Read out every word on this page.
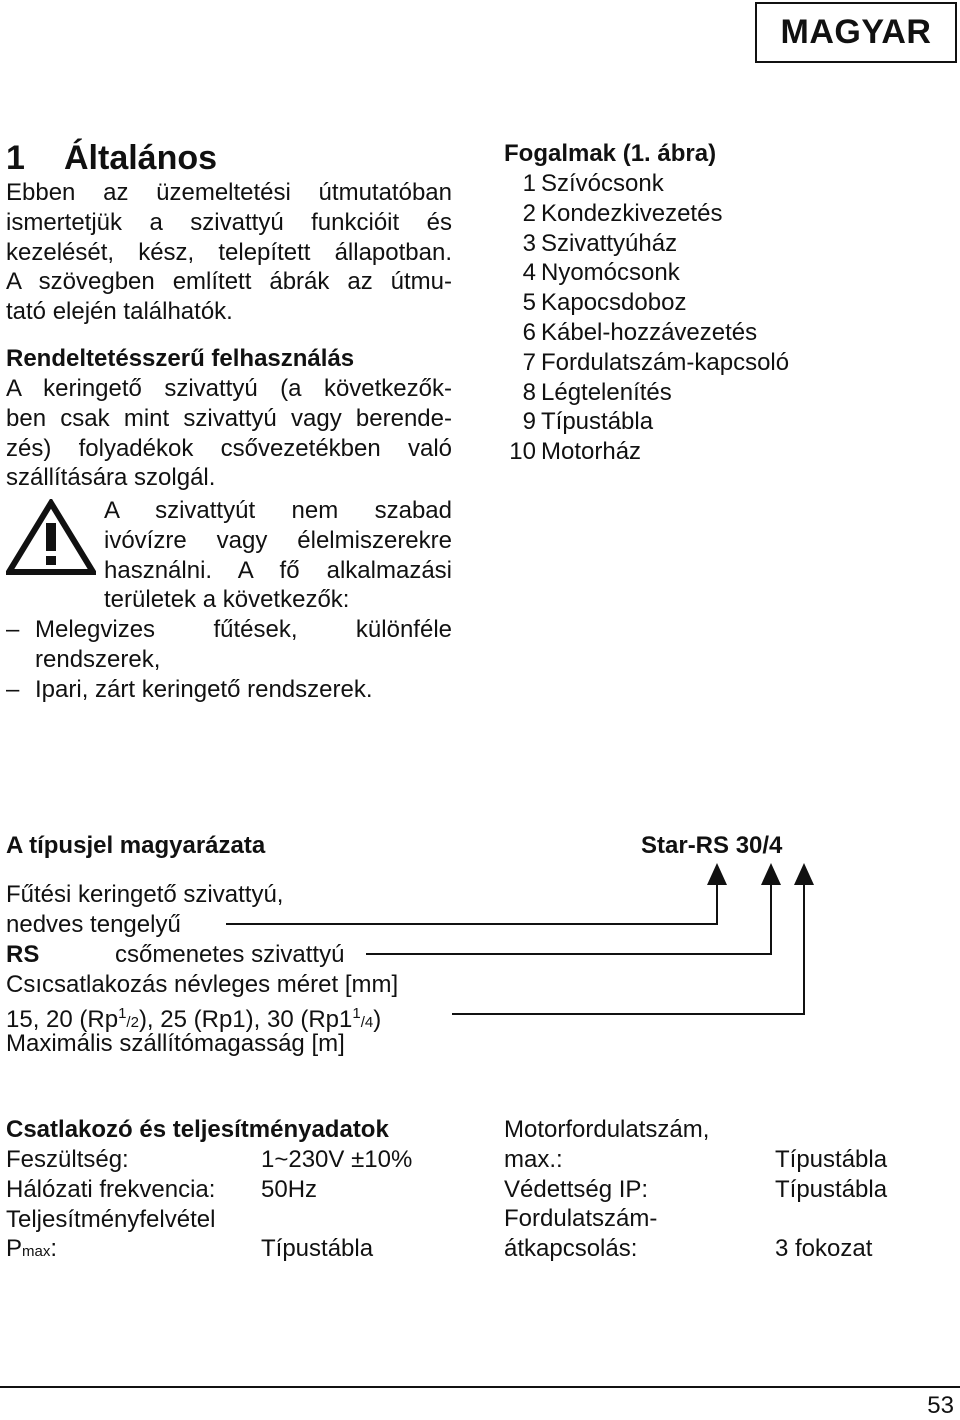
MAGYAR
1 Általános
Ebben az üzemeltetési útmutatóban
ismertetjük a szivattyú funkcióit és
kezelését, kész, telepített állapotban.
A szövegben említett ábrák az útmu-
tató elején találhatók.
Rendeltetésszerű felhasználás
A keringető szivattyú (a következők-
ben csak mint szivattyú vagy berende-
zés) folyadékok csővezetékben való
szállítására szolgál.
A szivattyút nem szabad
ivóvízre vagy élelmiszerekre
használni. A fő alkalmazási
területek a következők:
– Melegvizes fűtések, különféle
rendszerek,
– Ipari, zárt keringető rendszerek.
Fogalmak (1. ábra)
1 Szívócsonk
2 Kondezkivezetés
3 Szivattyúház
4 Nyomócsonk
5 Kapocsdoboz
6 Kábel-hozzávezetés
7 Fordulatszám-kapcsoló
8 Légtelenítés
9 Típustábla
10 Motorház
A típusjel magyarázata	Star-RS 30/4
Fűtési keringető szivattyú,
nedves tengelyű
RS	csőmenetes szivattyú
Csıcsatlakozás névleges méret [mm]
15, 20 (Rp$^1$/2), 25 (Rp1), 30 $(Rp1^1/4)$
Maximális szállítómagasság [m]
Csatlakozó és teljesítményadatok
Feszültség:	1~230V ±10%
Hálózati frekvencia: 50Hz
Teljesítményfelvétel
Pmax:	Típustábla
Motorfordulatszám,
max.:	Típustábla
Védettség IP:	Típustábla
Fordulatszám-
átkapcsolás:	3 fokozat
53
